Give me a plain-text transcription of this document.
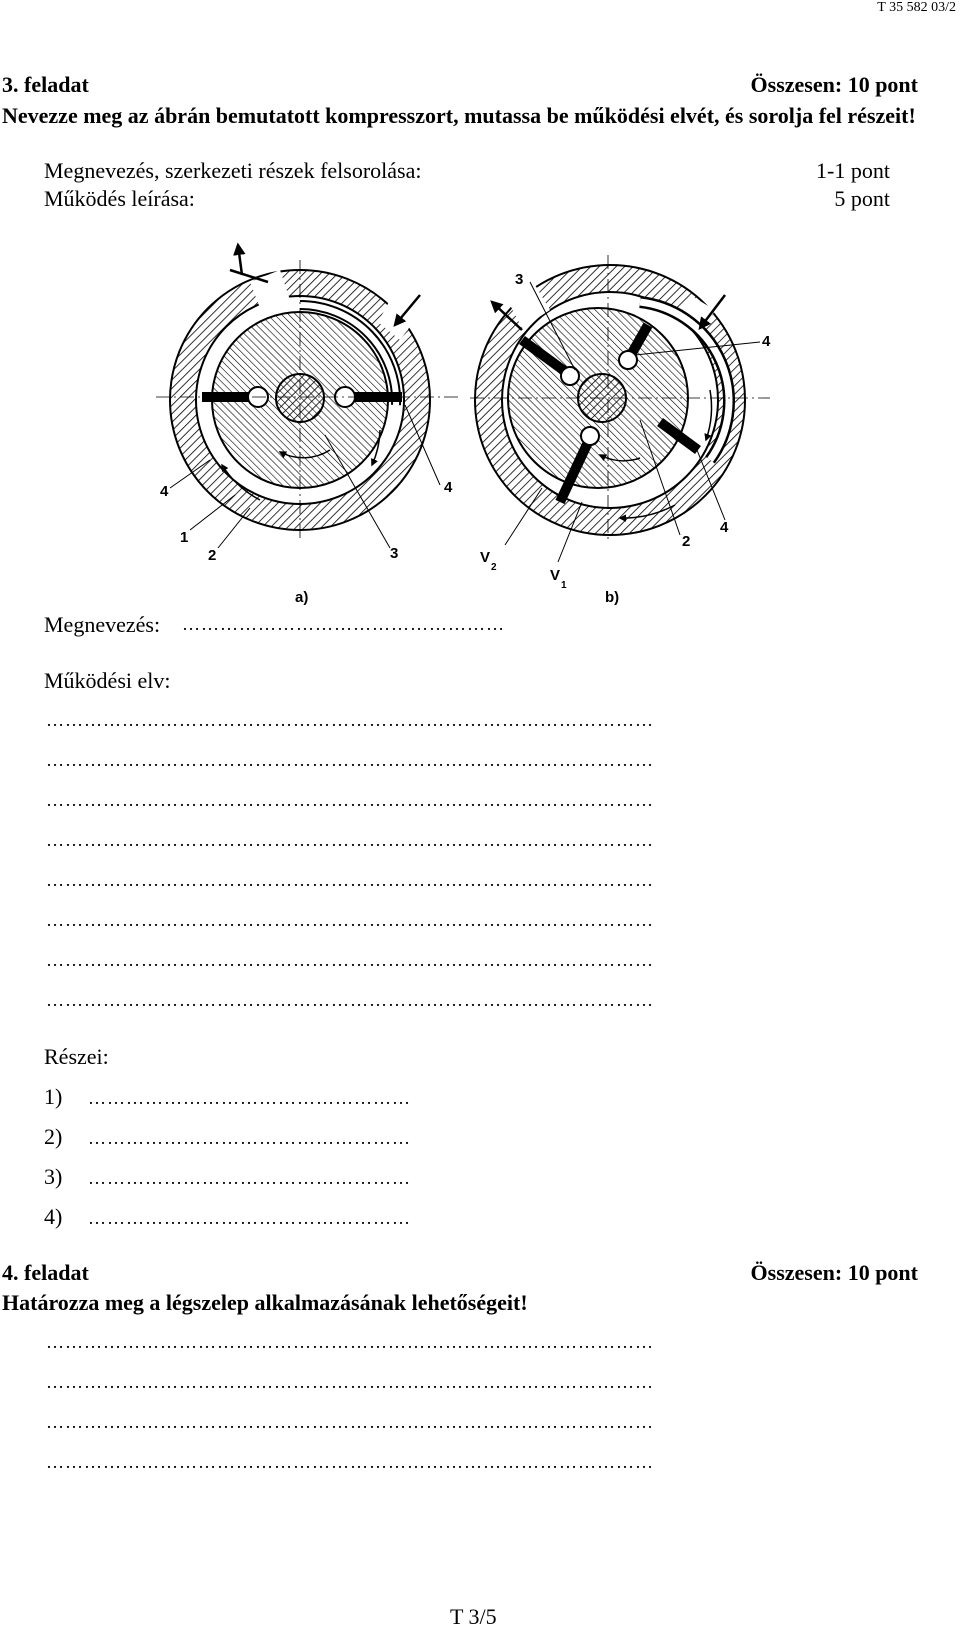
T 35 582 03/2
3. feladat	Összesen: 10 pont
Nevezze meg az ábrán bemutatott kompresszort, mutassa be működési elvét, és sorolja fel részeit!
Megnevezés, szerkezeti részek felsorolása:	1-1 pont
Működés leírása:	5 pont
1
2	3
4	4
a)
3
4
4
2
V
2	V
1
b)
Megnevezés: ……………………………………………
Működési elv:
……………………………………………………………………………………
……………………………………………………………………………………
……………………………………………………………………………………
……………………………………………………………………………………
……………………………………………………………………………………
……………………………………………………………………………………
……………………………………………………………………………………
……………………………………………………………………………………
Részei:
1) ……………………………………………
2) ……………………………………………
3) ……………………………………………
4) ……………………………………………
4. feladat	Összesen: 10 pont
Határozza meg a légszelep alkalmazásának lehetőségeit!
……………………………………………………………………………………
……………………………………………………………………………………
……………………………………………………………………………………
……………………………………………………………………………………
T 3/5
